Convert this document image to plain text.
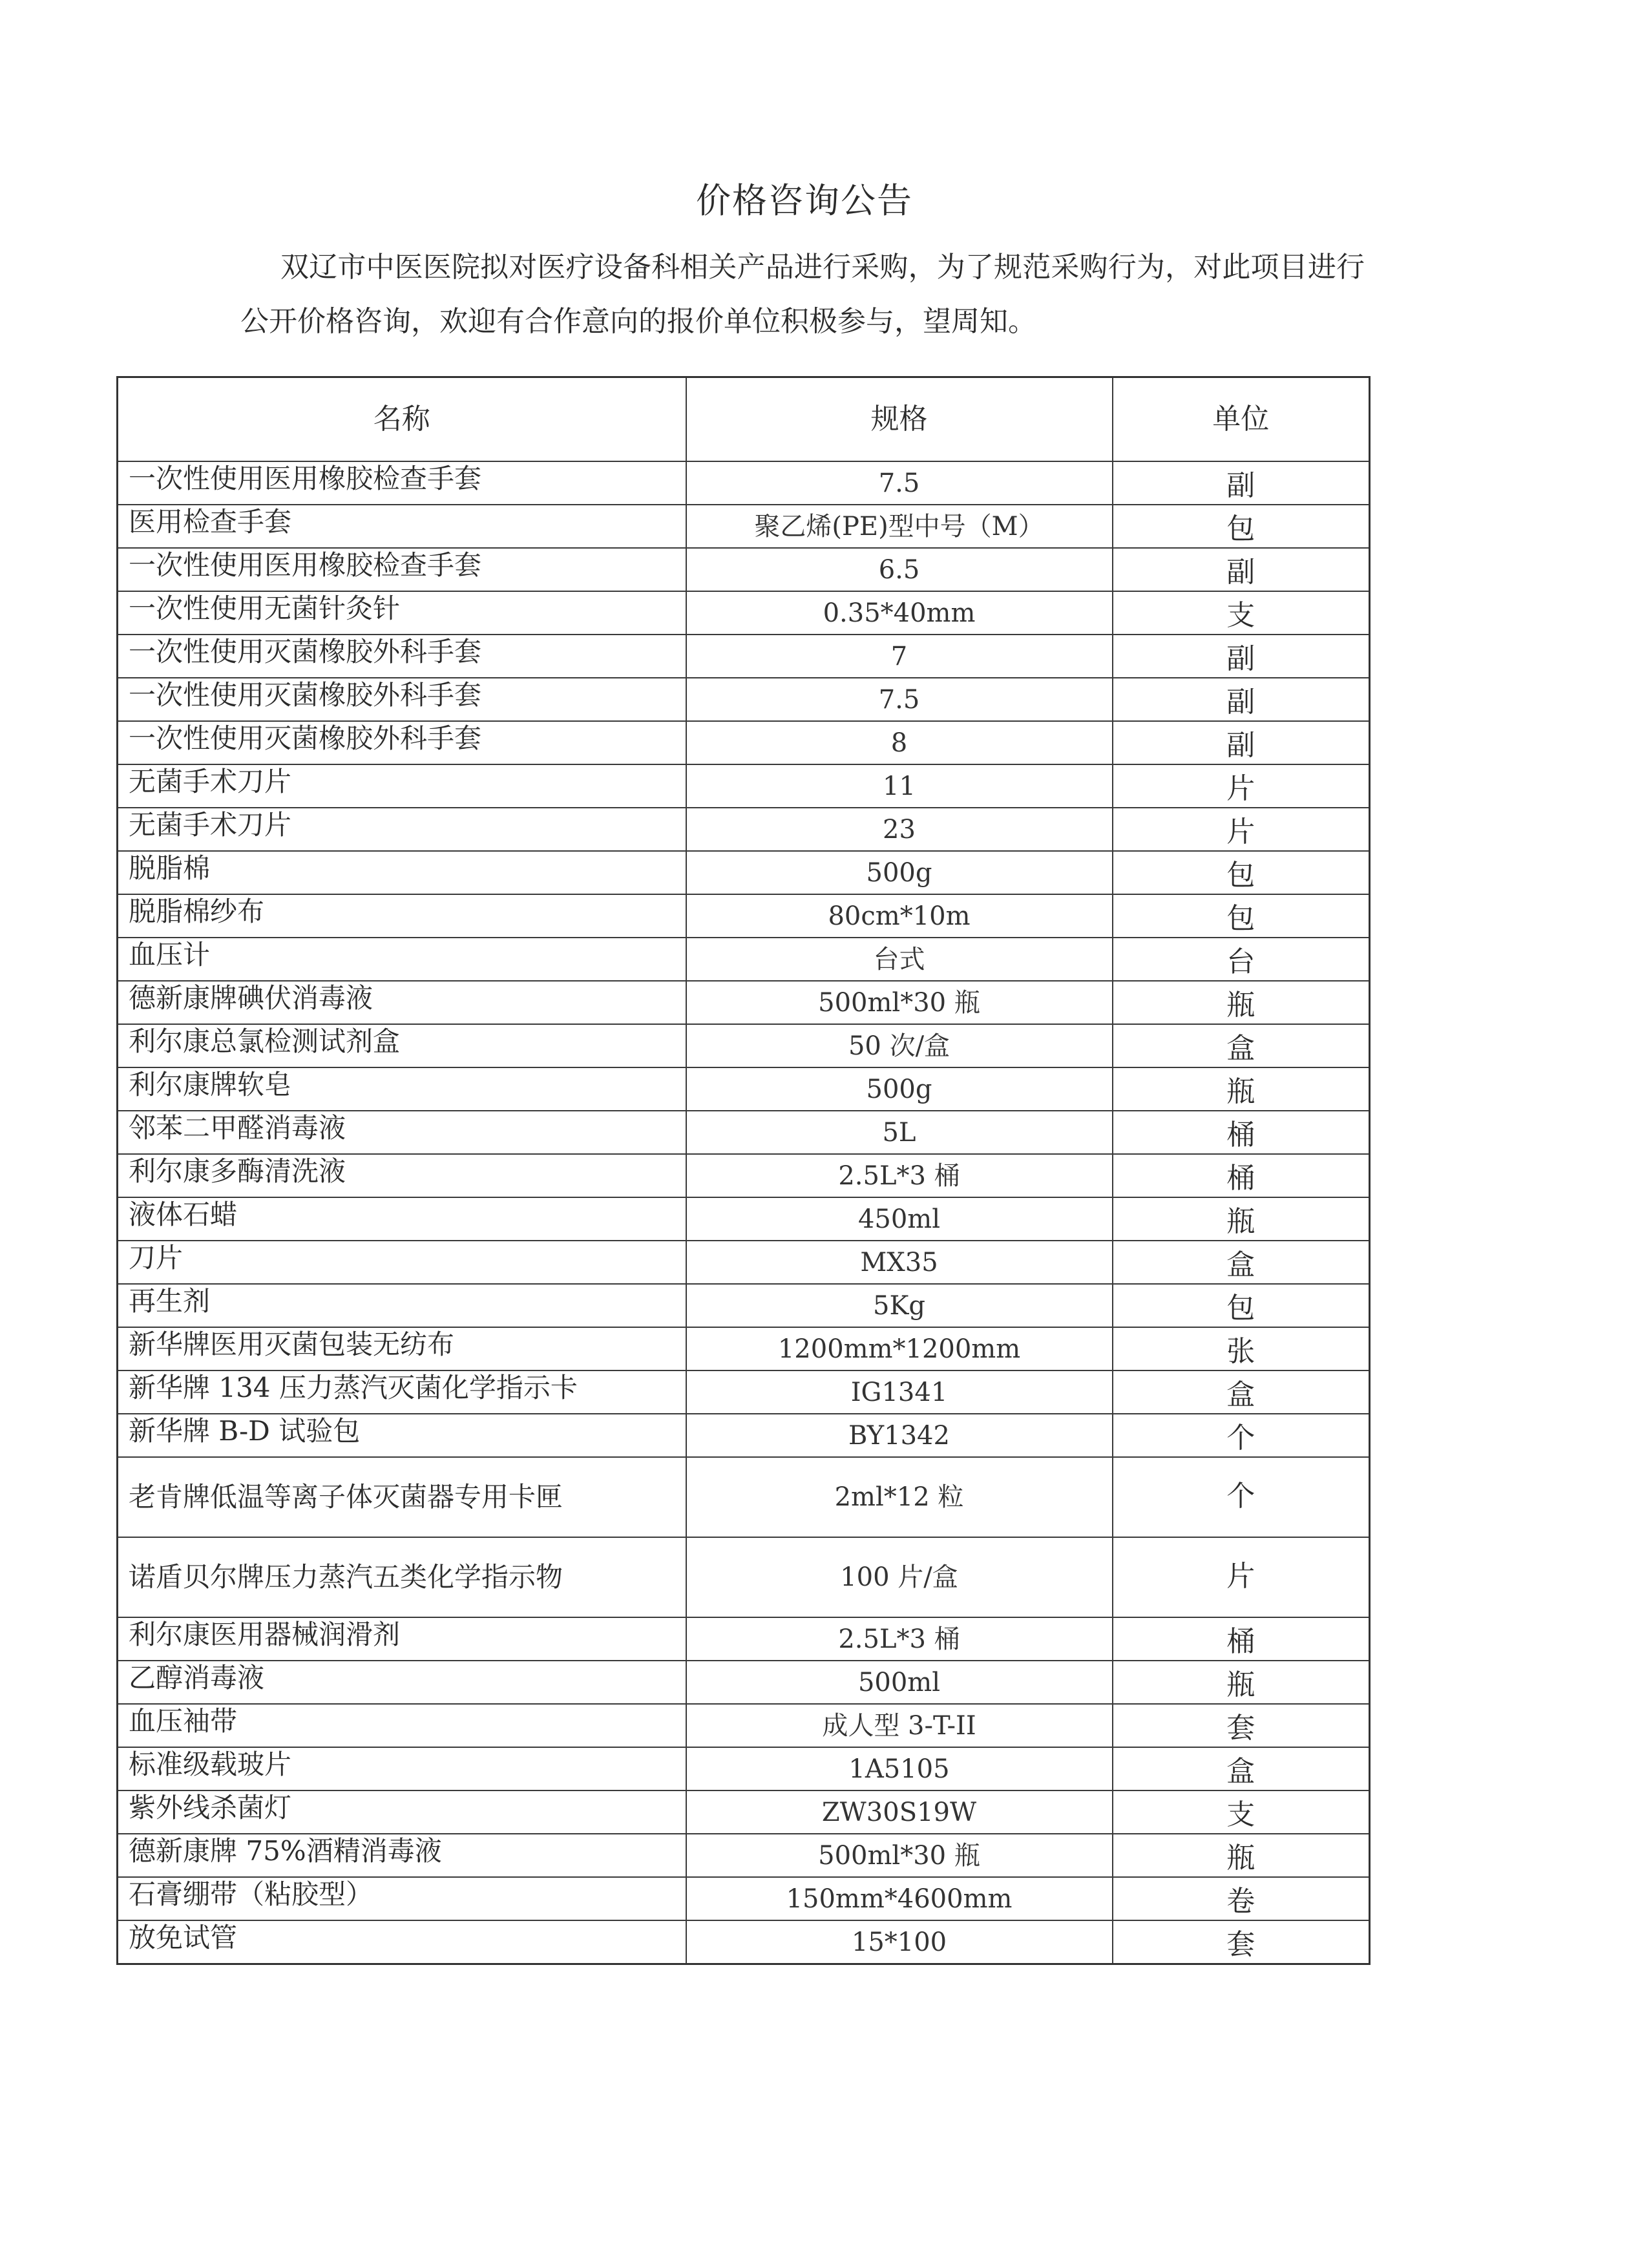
价格咨询公告

双辽市中医医院拟对医疗设备科相关产品进行采购，为了规范采购行为，对此项目进行公开价格咨询，欢迎有合作意向的报价单位积极参与，望周知。

名称	规格	单位
一次性使用医用橡胶检查手套	7.5	副
医用检查手套	聚乙烯(PE)型中号（M）	包
一次性使用医用橡胶检查手套	6.5	副
一次性使用无菌针灸针	0.35*40mm	支
一次性使用灭菌橡胶外科手套	7	副
一次性使用灭菌橡胶外科手套	7.5	副
一次性使用灭菌橡胶外科手套	8	副
无菌手术刀片	11	片
无菌手术刀片	23	片
脱脂棉	500g	包
脱脂棉纱布	80cm*10m	包
血压计	台式	台
德新康牌碘伏消毒液	500ml*30 瓶	瓶
利尔康总氯检测试剂盒	50 次/盒	盒
利尔康牌软皂	500g	瓶
邻苯二甲醛消毒液	5L	桶
利尔康多酶清洗液	2.5L*3 桶	桶
液体石蜡	450ml	瓶
刀片	MX35	盒
再生剂	5Kg	包
新华牌医用灭菌包装无纺布	1200mm*1200mm	张
新华牌 134 压力蒸汽灭菌化学指示卡	IG1341	盒
新华牌 B-D 试验包	BY1342	个
老肯牌低温等离子体灭菌器专用卡匣	2ml*12 粒	个
诺盾贝尔牌压力蒸汽五类化学指示物	100 片/盒	片
利尔康医用器械润滑剂	2.5L*3 桶	桶
乙醇消毒液	500ml	瓶
血压袖带	成人型 3-T-II	套
标准级载玻片	1A5105	盒
紫外线杀菌灯	ZW30S19W	支
德新康牌 75%酒精消毒液	500ml*30 瓶	瓶
石膏绷带（粘胶型）	150mm*4600mm	卷
放免试管	15*100	套
